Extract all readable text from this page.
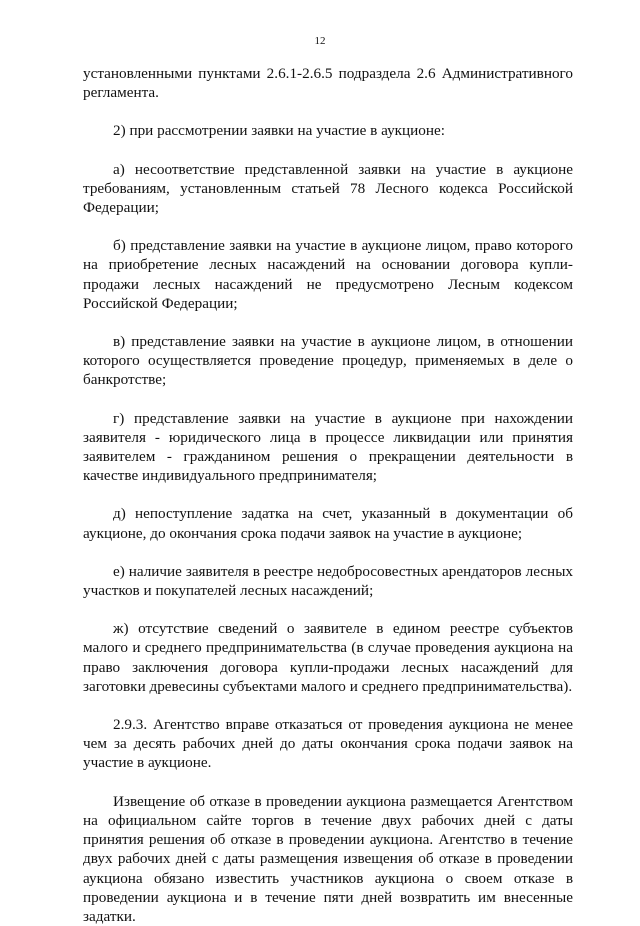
12

установленными пунктами 2.6.1-2.6.5 подраздела 2.6 Административного регламента.

2) при рассмотрении заявки на участие в аукционе:

а) несоответствие представленной заявки на участие в аукционе требованиям, установленным статьей 78 Лесного кодекса Российской Федерации;

б) представление заявки на участие в аукционе лицом, право которого на приобретение лесных насаждений на основании договора купли-продажи лесных насаждений не предусмотрено Лесным кодексом Российской Федерации;

в) представление заявки на участие в аукционе лицом, в отношении которого осуществляется проведение процедур, применяемых в деле о банкротстве;

г) представление заявки на участие в аукционе при нахождении заявителя - юридического лица в процессе ликвидации или принятия заявителем - гражданином решения о прекращении деятельности в качестве индивидуального предпринимателя;

д) непоступление задатка на счет, указанный в документации об аукционе, до окончания срока подачи заявок на участие в аукционе;

е) наличие заявителя в реестре недобросовестных арендаторов лесных участков и покупателей лесных насаждений;

ж) отсутствие сведений о заявителе в едином реестре субъектов малого и среднего предпринимательства (в случае проведения аукциона на право заключения договора купли-продажи лесных насаждений для заготовки древесины субъектами малого и среднего предпринимательства).

2.9.3. Агентство вправе отказаться от проведения аукциона не менее чем за десять рабочих дней до даты окончания срока подачи заявок на участие в аукционе.

Извещение об отказе в проведении аукциона размещается Агентством на официальном сайте торгов в течение двух рабочих дней с даты принятия решения об отказе в проведении аукциона. Агентство в течение двух рабочих дней с даты размещения извещения об отказе в проведении аукциона обязано известить участников аукциона о своем отказе в проведении аукциона и в течение пяти дней возвратить им внесенные задатки.
